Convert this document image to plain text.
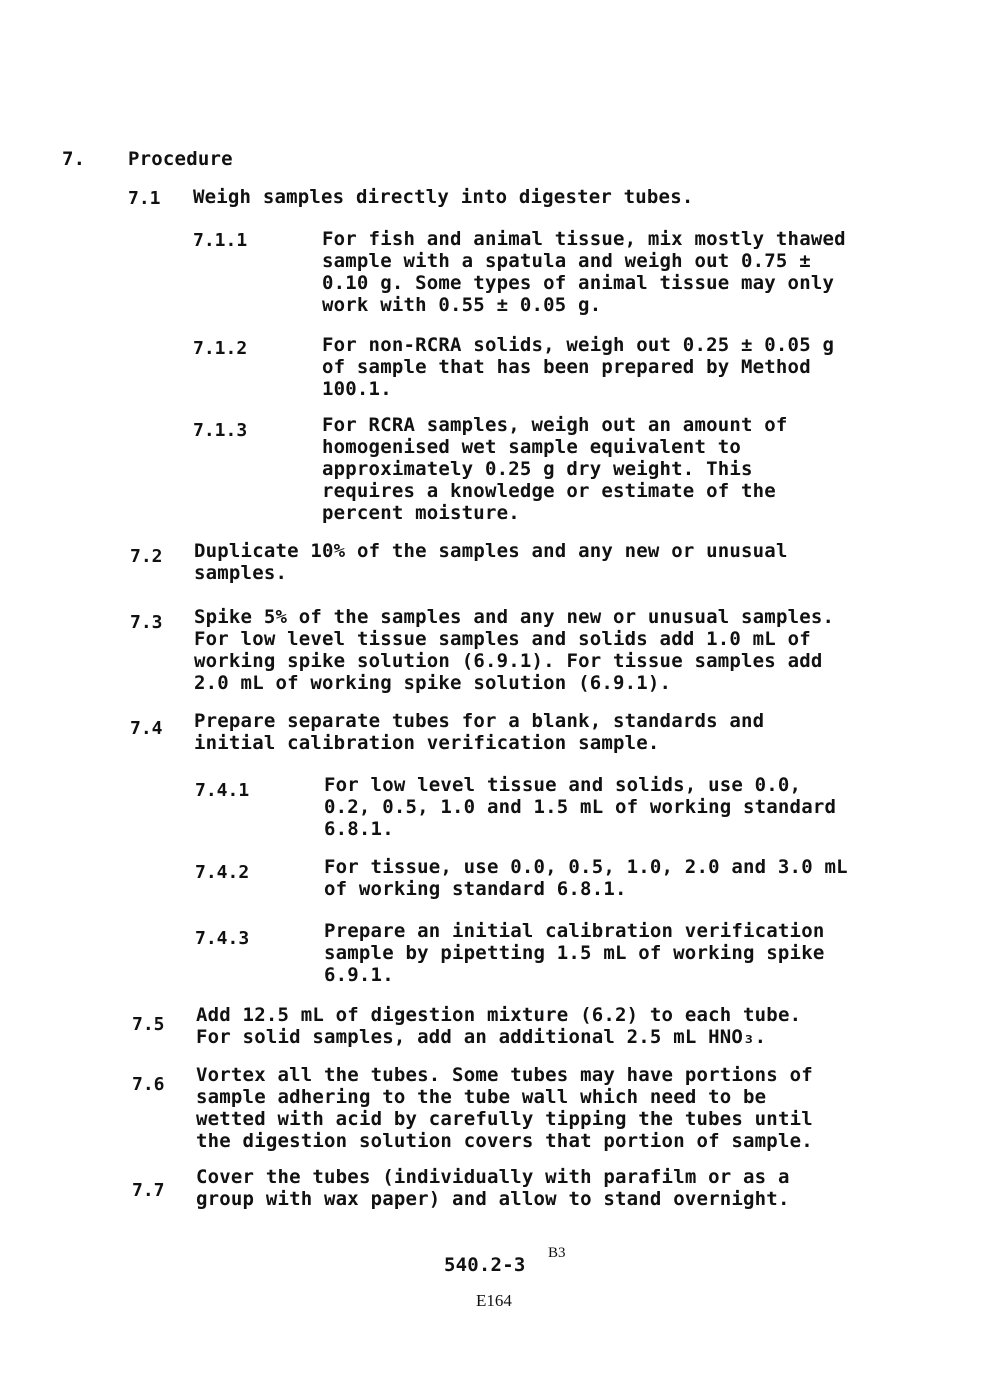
7. Procedure
7.1 Weigh samples directly into digester tubes.
7.1.1	For fish and animal tissue, mix mostly thawed
sample with a spatula and weigh out 0.75 ±
0.10 g. Some types of animal tissue may only
work with 0.55 ± 0.05 g.
7.1.2	For non-RCRA solids, weigh out 0.25 ± 0.05 g
of sample that has been prepared by Method
100.1.
7.1.3	For RCRA samples, weigh out an amount of
homogenised wet sample equivalent to
approximately 0.25 g dry weight. This
requires a knowledge or estimate of the
percent moisture.
7.2 Duplicate 10% of the samples and any new or unusual
samples.
7.3 Spike 5% of the samples and any new or unusual samples.
For low level tissue samples and solids add 1.0 mL of
working spike solution (6.9.1). For tissue samples add
2.0 mL of working spike solution (6.9.1).
7.4 Prepare separate tubes for a blank, standards and
initial calibration verification sample.
7.4.1	For low level tissue and solids, use 0.0,
0.2, 0.5, 1.0 and 1.5 mL of working standard
6.8.1.
7.4.2	For tissue, use 0.0, 0.5, 1.0, 2.0 and 3.0 mL
of working standard 6.8.1.
7.4.3	Prepare an initial calibration verification
sample by pipetting 1.5 mL of working spike
6.9.1.
7.5 Add 12.5 mL of digestion mixture (6.2) to each tube.
For solid samples, add an additional 2.5 mL HNO₃.
7.6 Vortex all the tubes. Some tubes may have portions of
sample adhering to the tube wall which need to be
wetted with acid by carefully tipping the tubes until
the digestion solution covers that portion of sample.
7.7
Cover the tubes (individually with parafilm or as a
group with wax paper) and allow to stand overnight.
540.2-3
B3
E164
